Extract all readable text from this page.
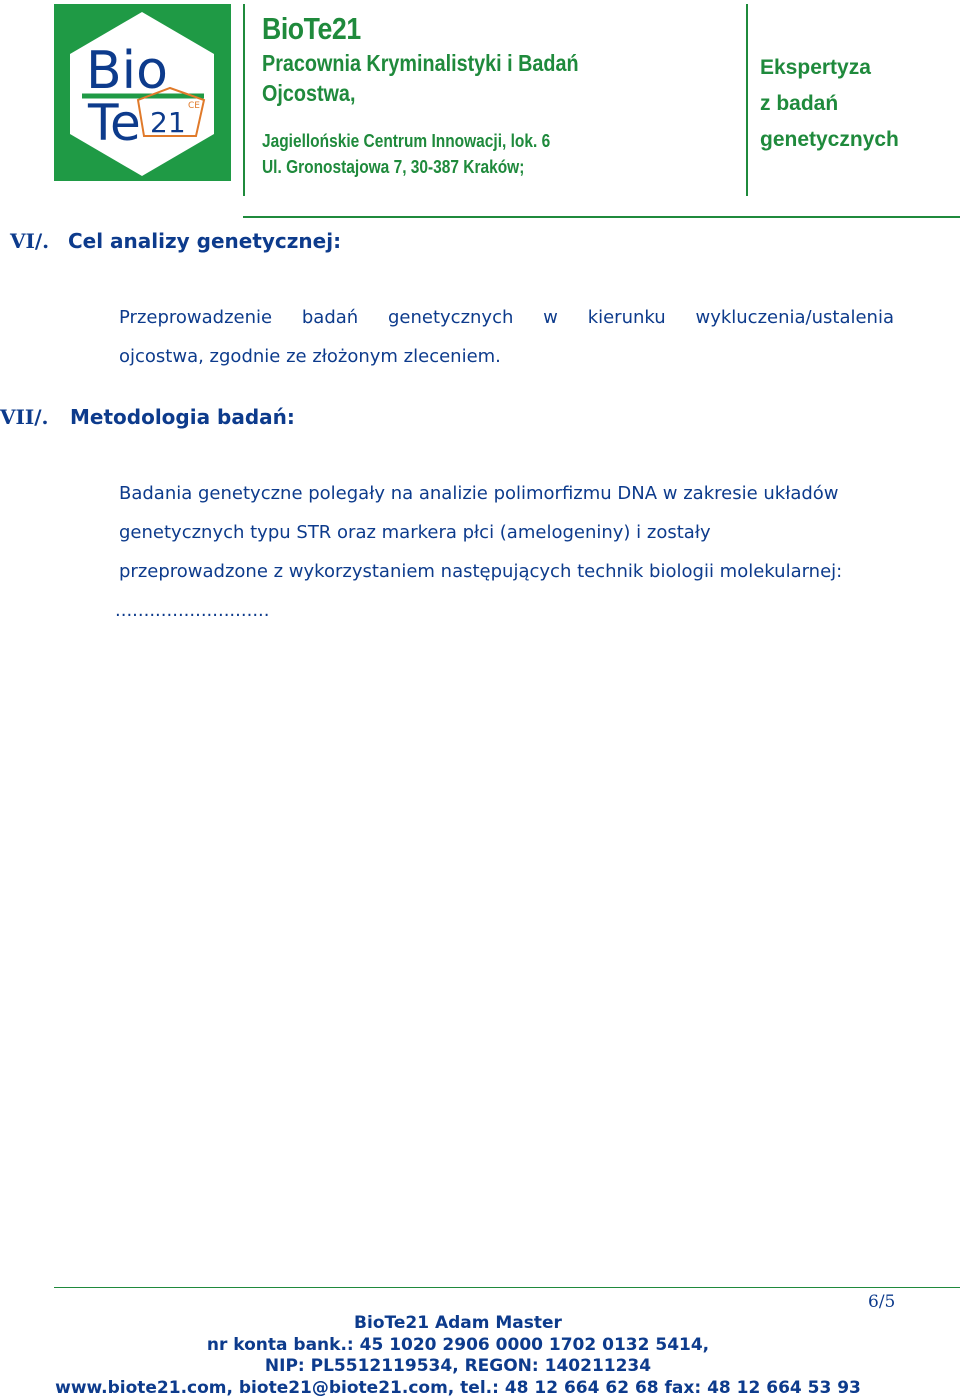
Bio
Te 21 CE
BioTe21
Pracownia Kryminalistyki i Badań
Ojcostwa,
Jagiellońskie Centrum Innowacji, lok. 6
Ul. Gronostajowa 7, 30-387 Kraków;
Ekspertyza
z badań
genetycznych
VI/. Cel analizy genetycznej:
Przeprowadzenie badań genetycznych w kierunku wykluczenia/ustalenia
ojcostwa, zgodnie ze złożonym zleceniem.
VII/. Metodologia badań:
Badania genetyczne polegały na analizie polimorfizmu DNA w zakresie układów
genetycznych typu STR oraz markera płci (amelogeniny) i zostały
przeprowadzone z wykorzystaniem następujących technik biologii molekularnej:
...........................
6/5
BioTe21 Adam Master
nr konta bank.: 45 1020 2906 0000 1702 0132 5414,
NIP: PL5512119534, REGON: 140211234
www.biote21.com, biote21@biote21.com, tel.: 48 12 664 62 68 fax: 48 12 664 53 93
